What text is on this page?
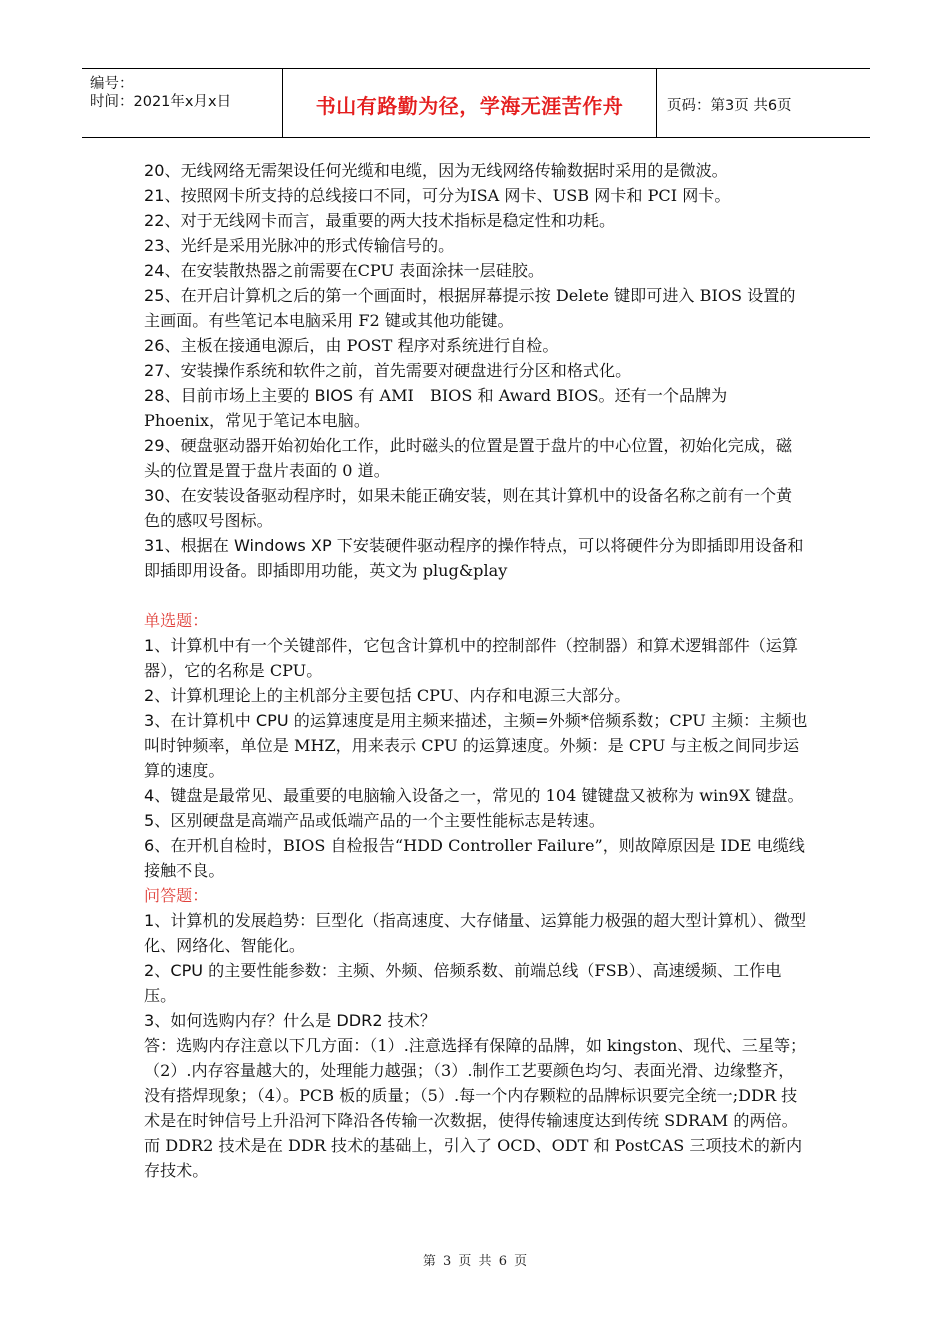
编号：
时间：2021年x月x日	书山有路勤为径，学海无涯苦作舟	页码：第3页 共6页

20、无线网络无需架设任何光缆和电缆，因为无线网络传输数据时采用的是微波。

21、按照网卡所支持的总线接口不同，可分为ISA 网卡、USB 网卡和 PCI 网卡。

22、对于无线网卡而言，最重要的两大技术指标是稳定性和功耗。

23、光纤是采用光脉冲的形式传输信号的。

24、在安装散热器之前需要在CPU 表面涂抹一层硅胶。

25、在开启计算机之后的第一个画面时，根据屏幕提示按 Delete 键即可进入 BIOS 设置的主画面。有些笔记本电脑采用 F2 键或其他功能键。

26、主板在接通电源后，由 POST 程序对系统进行自检。

27、安装操作系统和软件之前，首先需要对硬盘进行分区和格式化。

28、目前市场上主要的 BIOS 有 AMI　BIOS 和 Award BIOS。还有一个品牌为 Phoenix，常见于笔记本电脑。

29、硬盘驱动器开始初始化工作，此时磁头的位置是置于盘片的中心位置，初始化完成，磁头的位置是置于盘片表面的 0 道。

30、在安装设备驱动程序时，如果未能正确安装，则在其计算机中的设备名称之前有一个黄色的感叹号图标。

31、根据在 Windows XP 下安装硬件驱动程序的操作特点，可以将硬件分为即插即用设备和即插即用设备。即插即用功能，英文为 plug&play

单选题：

1、计算机中有一个关键部件，它包含计算机中的控制部件（控制器）和算术逻辑部件（运算器），它的名称是 CPU。

2、计算机理论上的主机部分主要包括 CPU、内存和电源三大部分。

3、在计算机中 CPU 的运算速度是用主频来描述，主频=外频*倍频系数；CPU 主频：主频也叫时钟频率，单位是 MHZ，用来表示 CPU 的运算速度。外频：是 CPU 与主板之间同步运算的速度。

4、键盘是最常见、最重要的电脑输入设备之一，常见的 104 键键盘又被称为 win9X 键盘。

5、区别硬盘是高端产品或低端产品的一个主要性能标志是转速。

6、在开机自检时，BIOS 自检报告“HDD Controller Failure”，则故障原因是 IDE 电缆线接触不良。

问答题：

1、计算机的发展趋势：巨型化（指高速度、大存储量、运算能力极强的超大型计算机）、微型化、网络化、智能化。

2、CPU 的主要性能参数：主频、外频、倍频系数、前端总线（FSB）、高速缓频、工作电压。

3、如何选购内存？什么是 DDR2 技术？

答：选购内存注意以下几方面：（1）.注意选择有保障的品牌，如 kingston、现代、三星等；（2）.内存容量越大的，处理能力越强；（3）.制作工艺要颜色均匀、表面光滑、边缘整齐，没有搭焊现象；（4）。PCB 板的质量；（5）.每一个内存颗粒的品牌标识要完全统一;DDR 技术是在时钟信号上升沿河下降沿各传输一次数据，使得传输速度达到传统 SDRAM 的两倍。而 DDR2 技术是在 DDR 技术的基础上，引入了 OCD、ODT 和 PostCAS 三项技术的新内存技术。

第 3 页 共 6 页
